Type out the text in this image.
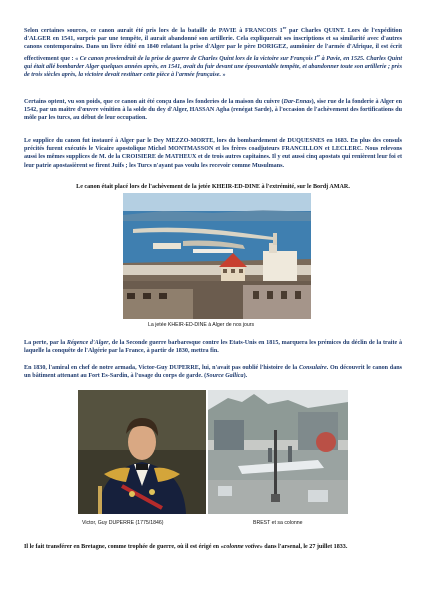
Selon certaines sources, ce canon aurait été pris lors de la bataille de PAVIE à FRANCOIS 1er par Charles QUINT. Lors de l'expédition d'ALGER en 1541, surpris par une tempête, il aurait abandonné son artillerie. Cela expliquerait ses inscriptions et sa similarité avec d'autres canons contemporains. Dans un livre édité en 1840 relatant la prise d'Alger par le père DORIGEZ, aumônier de l'armée d'Afrique, il est écrit effectivement que : « Ce canon proviendrait de la prise de guerre de Charles Quint lors de la victoire sur François Ier à Pavie, en 1525. Charles Quint qui était allé bombarder Alger quelques années après, en 1541, avait du fuir devant une épouvantable tempête, et abandonner toute son artillerie ; près de trois siècles après, la victoire devait restituer cette pièce à l'armée française. »

Certains optent, vu son poids, que ce canon ait été conçu dans les fonderies de la maison du cuivre (Dar-Ennas), sise rue de la fonderie à Alger en 1542, par un maître d'œuvre vénitien à la solde du dey d'Alger, HASSAN Agha (renégat Sarde), à l'occasion de l'achèvement des fortifications du môle par les turcs, au début de leur occupation.

Le supplice du canon fut instauré à Alger par le Dey MEZZO-MORTE, lors du bombardement de DUQUESNES en 1683. En plus des consuls précités furent exécutés le Vicaire apostolique Michel MONTMASSON et les frères coadjuteurs FRANCILLON et LECLERC. Nous relevons aussi les mêmes supplices de M. de la CROISIERE de MATHEUX et de trois autres capitaines. Il y eut aussi cinq apostats qui renièrent leur foi et leur patrie apostasièrent se firent Juifs ; les Turcs n'ayant pas voulu les recevoir comme Musulmans.

Le canon était placé lors de l'achèvement de la jetée KHEIR-ED-DINE à l'extrémité, sur le Bordj AMAR.

La jetée KHEIR-ED-DINE à Alger de nos jours

La perte, par la Régence d'Alger, de la Seconde guerre barbaresque contre les Etats-Unis en 1815, marquera les prémices du déclin de la traite à laquelle la conquête de l'Algérie par la France, à partir de 1830, mettra fin.

En 1830, l'amiral en chef de notre armada, Victor-Guy DUPERRE, lui, n'avait pas oublié l'histoire de la Consulaire. On découvrit le canon dans un bâtiment attenant au Fort Es-Sardin, à l'usage du corps de garde. (Source Gallica).

Victor, Guy DUPERRE (1775/1846)	BREST et sa colonne

Il le fait transférer en Bretagne, comme trophée de guerre, où il est érigé en «colonne votive» dans l'arsenal, le 27 juillet 1833.
